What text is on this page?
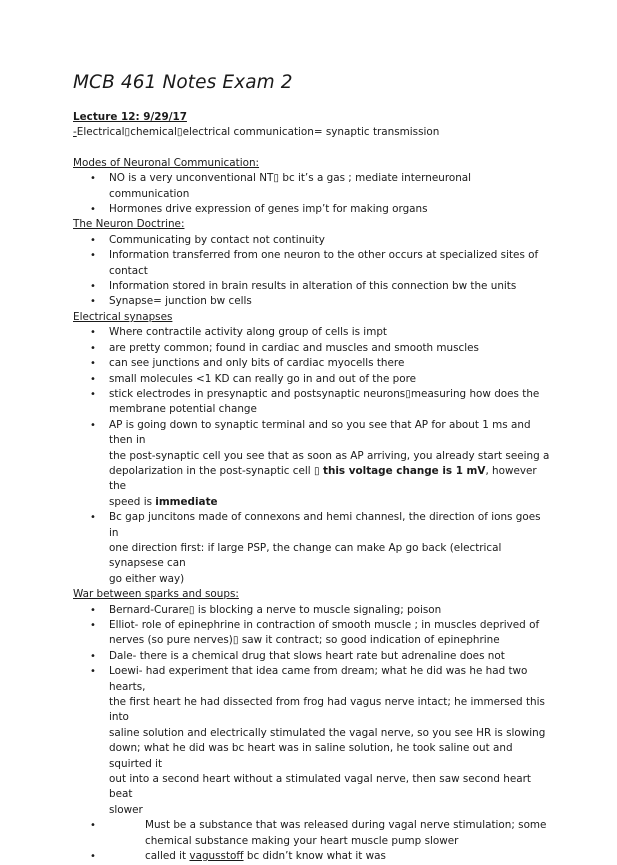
MCB 461 Notes Exam 2
Lecture 12: 9/29/17
-Electrical▯chemical▯electrical communication= synaptic transmission
Modes of Neuronal Communication:
• NO is a very unconventional NT▯ bc it’s a gas ; mediate interneuronal communication
• Hormones drive expression of genes imp’t for making organs
The Neuron Doctrine:
• Communicating by contact not continuity
• Information transferred from one neuron to the other occurs at specialized sites of
contact
• Information stored in brain results in alteration of this connection bw the units
• Synapse= junction bw cells
Electrical synapses
• Where contractile activity along group of cells is impt
• are pretty common; found in cardiac and muscles and smooth muscles
• can see junctions and only bits of cardiac myocells there
• small molecules <1 KD can really go in and out of the pore
• stick electrodes in presynaptic and postsynaptic neurons▯measuring how does the
membrane potential change
• AP is going down to synaptic terminal and so you see that AP for about 1 ms and then in
the post-synaptic cell you see that as soon as AP arriving, you already start seeing a
depolarization in the post-synaptic cell ▯ this voltage change is 1 mV, however the
speed is immediate
• Bc gap juncitons made of connexons and hemi channesl, the direction of ions goes in
one direction first: if large PSP, the change can make Ap go back (electrical synapsese can
go either way)
War between sparks and soups:
• Bernard-Curare▯ is blocking a nerve to muscle signaling; poison
• Elliot- role of epinephrine in contraction of smooth muscle ; in muscles deprived of
nerves (so pure nerves)▯ saw it contract; so good indication of epinephrine
• Dale- there is a chemical drug that slows heart rate but adrenaline does not
• Loewi- had experiment that idea came from dream; what he did was he had two hearts,
the first heart he had dissected from frog had vagus nerve intact; he immersed this into
saline solution and electrically stimulated the vagal nerve, so you see HR is slowing
down; what he did was bc heart was in saline solution, he took saline out and squirted it
out into a second heart without a stimulated vagal nerve, then saw second heart beat
slower
•	Must be a substance that was released during vagal nerve stimulation; some
chemical substance making your heart muscle pump slower
•	called it vagusstoff bc didn’t know what it was
